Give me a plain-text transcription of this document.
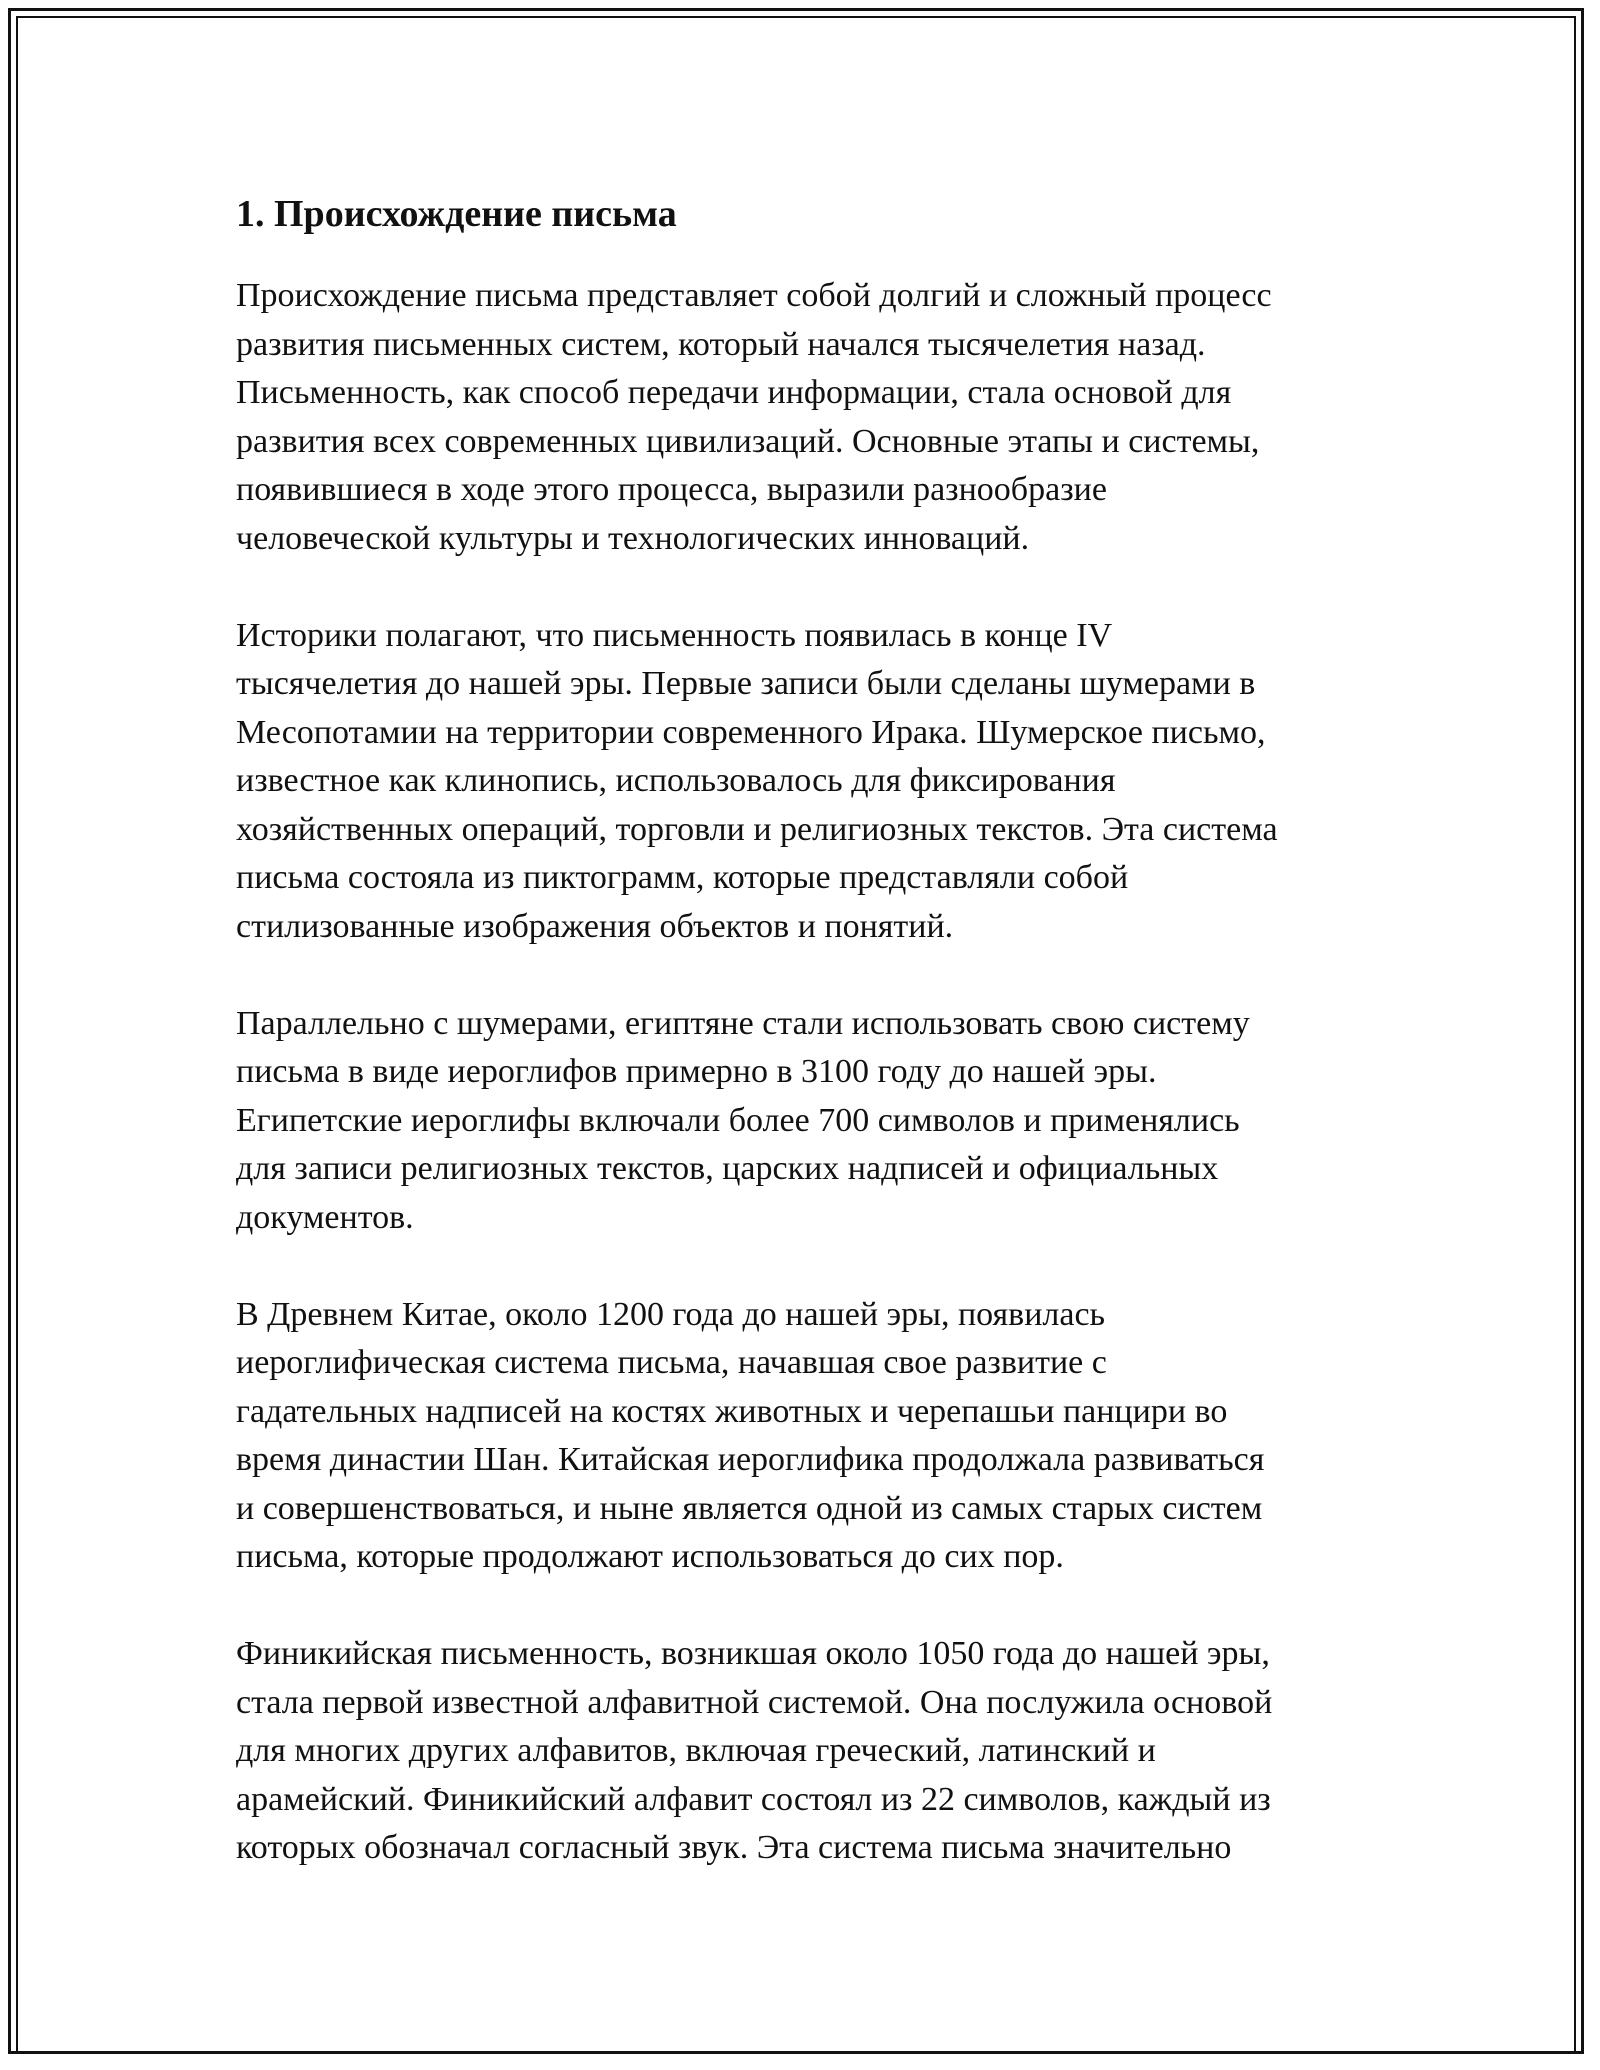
1. Происхождение письма

Происхождение письма представляет собой долгий и сложный процесс
развития письменных систем, который начался тысячелетия назад.
Письменность, как способ передачи информации, стала основой для
развития всех современных цивилизаций. Основные этапы и системы,
появившиеся в ходе этого процесса, выразили разнообразие
человеческой культуры и технологических инноваций.

Историки полагают, что письменность появилась в конце IV
тысячелетия до нашей эры. Первые записи были сделаны шумерами в
Месопотамии на территории современного Ирака. Шумерское письмо,
известное как клинопись, использовалось для фиксирования
хозяйственных операций, торговли и религиозных текстов. Эта система
письма состояла из пиктограмм, которые представляли собой
стилизованные изображения объектов и понятий.

Параллельно с шумерами, египтяне стали использовать свою систему
письма в виде иероглифов примерно в 3100 году до нашей эры.
Египетские иероглифы включали более 700 символов и применялись
для записи религиозных текстов, царских надписей и официальных
документов.

В Древнем Китае, около 1200 года до нашей эры, появилась
иероглифическая система письма, начавшая свое развитие с
гадательных надписей на костях животных и черепашьи панцири во
время династии Шан. Китайская иероглифика продолжала развиваться
и совершенствоваться, и ныне является одной из самых старых систем
письма, которые продолжают использоваться до сих пор.

Финикийская письменность, возникшая около 1050 года до нашей эры,
стала первой известной алфавитной системой. Она послужила основой
для многих других алфавитов, включая греческий, латинский и
арамейский. Финикийский алфавит состоял из 22 символов, каждый из
которых обозначал согласный звук. Эта система письма значительно
